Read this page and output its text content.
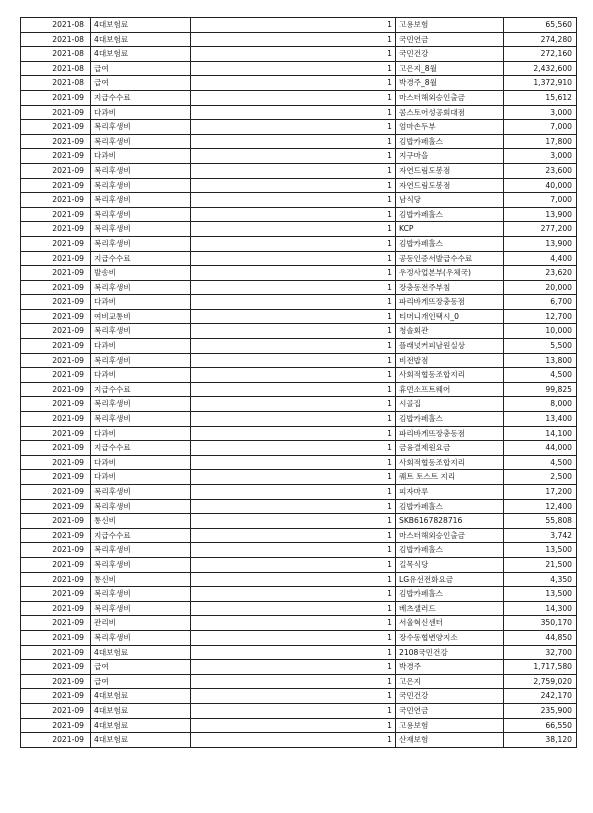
2021-08	4대보험료	1	고용보험	65,560
2021-08	4대보험료	1	국민연금	274,280
2021-08	4대보험료	1	국민건강	272,160
2021-08	급여	1	고은지_8월	2,432,600
2021-08	급여	1	박경주_8월	1,372,910
2021-09	지급수수료	1	마스터해외승인출금	15,612
2021-09	다과비	1	콤스토어성공회대점	3,000
2021-09	복리후생비	1	엄마손두부	7,000
2021-09	복리후생비	1	김밥카페홀스	17,800
2021-09	다과비	1	지구마을	3,000
2021-09	복리후생비	1	자연드림도봉점	23,600
2021-09	복리후생비	1	자연드림도봉점	40,000
2021-09	복리후생비	1	남식당	7,000
2021-09	복리후생비	1	김밥카페홀스	13,900
2021-09	복리후생비	1	KCP	277,200
2021-09	복리후생비	1	김밥카페홀스	13,900
2021-09	지급수수료	1	공동인증서발급수수료	4,400
2021-09	발송비	1	우정사업본부(우체국)	23,620
2021-09	복리후생비	1	장충동전주부침	20,000
2021-09	다과비	1	파리바게뜨장충동점	6,700
2021-09	여비교통비	1	티머니개인택시_0	12,700
2021-09	복리후생비	1	청솔회관	10,000
2021-09	다과비	1	플래넛커피남원실상	5,500
2021-09	복리후생비	1	비전밥점	13,800
2021-09	다과비	1	사회적협동조합지리	4,500
2021-09	지급수수료	1	휴먼소프트웨어	99,825
2021-09	복리후생비	1	시골집	8,000
2021-09	복리후생비	1	김밥카페홀스	13,400
2021-09	다과비	1	파리바게뜨장충동점	14,100
2021-09	지급수수료	1	금융결제원요금	44,000
2021-09	다과비	1	사회적협동조합지리	4,500
2021-09	다과비	1	퀘트 토스트 지리	2,500
2021-09	복리후생비	1	피자마루	17,200
2021-09	복리후생비	1	김밥카페홀스	12,400
2021-09	통신비	1	SKB6167828716	55,808
2021-09	지급수수료	1	마스터해외승인출금	3,742
2021-09	복리후생비	1	김밥카페홀스	13,500
2021-09	복리후생비	1	길목식당	21,500
2021-09	통신비	1	LG유선전화요금	4,350
2021-09	복리후생비	1	김밥카페홀스	13,500
2021-09	복리후생비	1	베츠샐러드	14,300
2021-09	관리비	1	서울혁신센터	350,170
2021-09	복리후생비	1	장수동협변양지소	44,850
2021-09	4대보험료	1	2108국민건강	32,700
2021-09	급여	1	박경주	1,717,580
2021-09	급여	1	고은지	2,759,020
2021-09	4대보험료	1	국민건강	242,170
2021-09	4대보험료	1	국민연금	235,900
2021-09	4대보험료	1	고용보험	66,550
2021-09	4대보험료	1	산재보험	38,120
